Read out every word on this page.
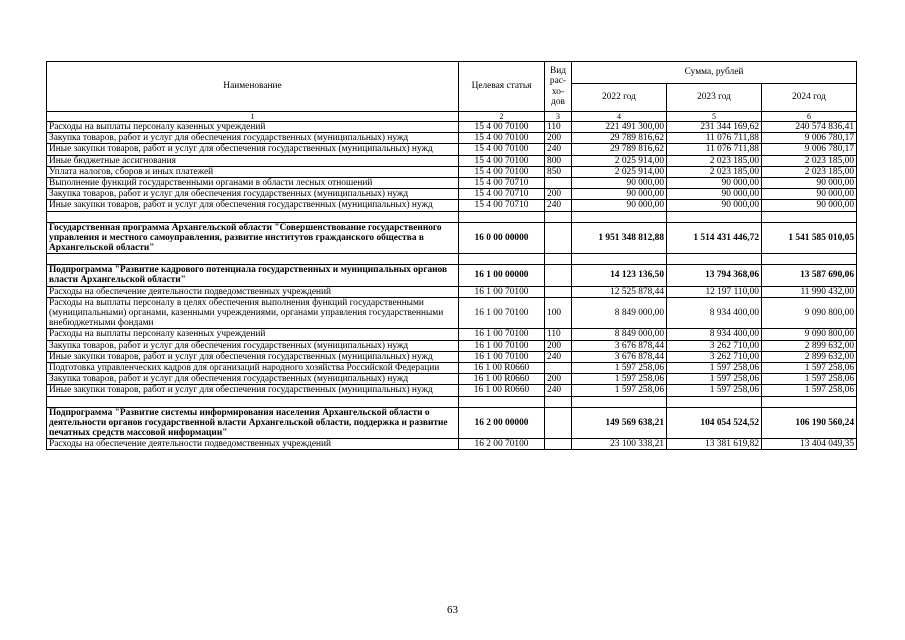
Наименование	Целевая статья	Вид рас-хо-дов	Сумма, рублей		
			2022 год	2023 год	2024 год
1	2	3	4	5	6
Расходы на выплаты персоналу казенных учреждений	15 4 00 70100	110	221 491 300,00	231 344 169,62	240 574 836,41
Закупка товаров, работ и услуг для обеспечения государственных (муниципальных) нужд	15 4 00 70100	200	29 789 816,62	11 076 711,88	9 006 780,17
Иные закупки товаров, работ и услуг для обеспечения государственных (муниципальных) нужд	15 4 00 70100	240	29 789 816,62	11 076 711,88	9 006 780,17
Иные бюджетные ассигнования	15 4 00 70100	800	2 025 914,00	2 023 185,00	2 023 185,00
Уплата налогов, сборов и иных платежей	15 4 00 70100	850	2 025 914,00	2 023 185,00	2 023 185,00
Выполнение функций государственными органами в области лесных отношений	15 4 00 70710		90 000,00	90 000,00	90 000,00
Закупка товаров, работ и услуг для обеспечения государственных (муниципальных) нужд	15 4 00 70710	200	90 000,00	90 000,00	90 000,00
Иные закупки товаров, работ и услуг для обеспечения государственных (муниципальных) нужд	15 4 00 70710	240	90 000,00	90 000,00	90 000,00

Государственная программа Архангельской области "Совершенствование государственного управления и местного самоуправления, развитие институтов гражданского общества в Архангельской области"	16 0 00 00000		1 951 348 812,88	1 514 431 446,72	1 541 585 010,05

Подпрограмма "Развитие кадрового потенциала государственных и муниципальных органов власти Архангельской области"	16 1 00 00000		14 123 136,50	13 794 368,06	13 587 690,06
Расходы на обеспечение деятельности подведомственных учреждений	16 1 00 70100		12 525 878,44	12 197 110,00	11 990 432,00
Расходы на выплаты персоналу в целях обеспечения выполнения функций государственными (муниципальными) органами, казенными учреждениями, органами управления государственными внебюджетными фондами	16 1 00 70100	100	8 849 000,00	8 934 400,00	9 090 800,00
Расходы на выплаты персоналу казенных учреждений	16 1 00 70100	110	8 849 000,00	8 934 400,00	9 090 800,00
Закупка товаров, работ и услуг для обеспечения государственных (муниципальных) нужд	16 1 00 70100	200	3 676 878,44	3 262 710,00	2 899 632,00
Иные закупки товаров, работ и услуг для обеспечения государственных (муниципальных) нужд	16 1 00 70100	240	3 676 878,44	3 262 710,00	2 899 632,00
Подготовка управленческих кадров для организаций народного хозяйства Российской Федерации	16 1 00 R0660		1 597 258,06	1 597 258,06	1 597 258,06
Закупка товаров, работ и услуг для обеспечения государственных (муниципальных) нужд	16 1 00 R0660	200	1 597 258,06	1 597 258,06	1 597 258,06
Иные закупки товаров, работ и услуг для обеспечения государственных (муниципальных) нужд	16 1 00 R0660	240	1 597 258,06	1 597 258,06	1 597 258,06

Подпрограмма "Развитие системы информирования населения Архангельской области о деятельности органов государственной власти Архангельской области, поддержка и развитие печатных средств массовой информации"	16 2 00 00000		149 569 638,21	104 054 524,52	106 190 560,24
Расходы на обеспечение деятельности подведомственных учреждений	16 2 00 70100		23 100 338,21	13 381 619,82	13 404 049,35
63
